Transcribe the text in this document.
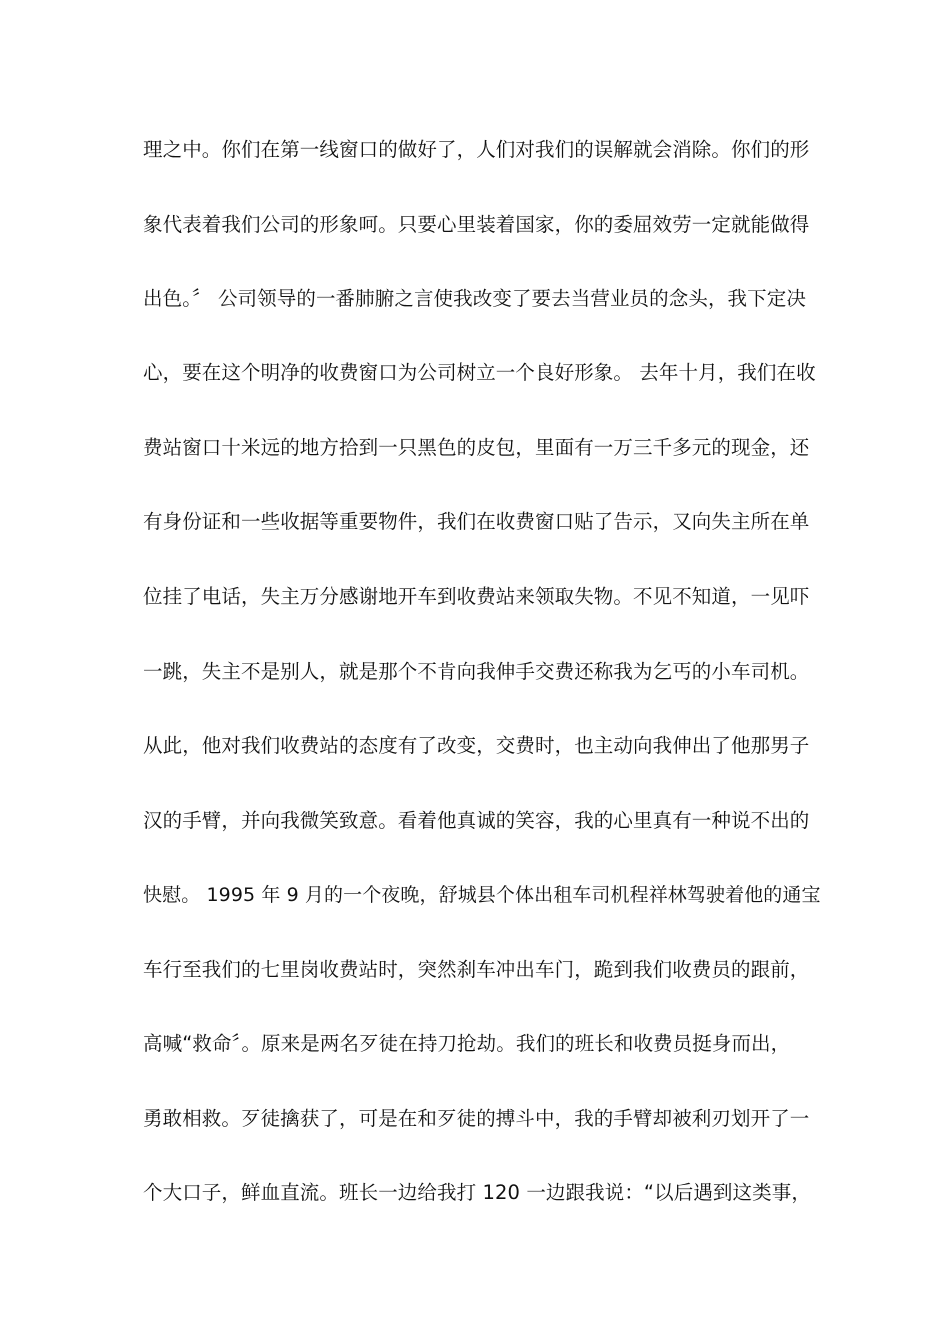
理之中。你们在第一线窗口的做好了，人们对我们的误解就会消除。你们的形
象代表着我们公司的形象呵。只要心里装着国家，你的委屈效劳一定就能做得
出色。〞 公司领导的一番肺腑之言使我改变了要去当营业员的念头，我下定决
心，要在这个明净的收费窗口为公司树立一个良好形象。 去年十月，我们在收
费站窗口十米远的地方拾到一只黑色的皮包，里面有一万三千多元的现金，还
有身份证和一些收据等重要物件，我们在收费窗口贴了告示，又向失主所在单
位挂了电话，失主万分感谢地开车到收费站来领取失物。不见不知道，一见吓
一跳，失主不是别人，就是那个不肯向我伸手交费还称我为乞丐的小车司机。
从此，他对我们收费站的态度有了改变，交费时，也主动向我伸出了他那男子
汉的手臂，并向我微笑致意。看着他真诚的笑容，我的心里真有一种说不出的
快慰。 1995 年 9 月的一个夜晚，舒城县个体出租车司机程祥林驾驶着他的通宝
车行至我们的七里岗收费站时，突然刹车冲出车门，跪到我们收费员的跟前，
高喊“救命〞。原来是两名歹徒在持刀抢劫。我们的班长和收费员挺身而出，
勇敢相救。歹徒擒获了，可是在和歹徒的搏斗中，我的手臂却被利刃划开了一
个大口子，鲜血直流。班长一边给我打 120 一边跟我说：“以后遇到这类事，
